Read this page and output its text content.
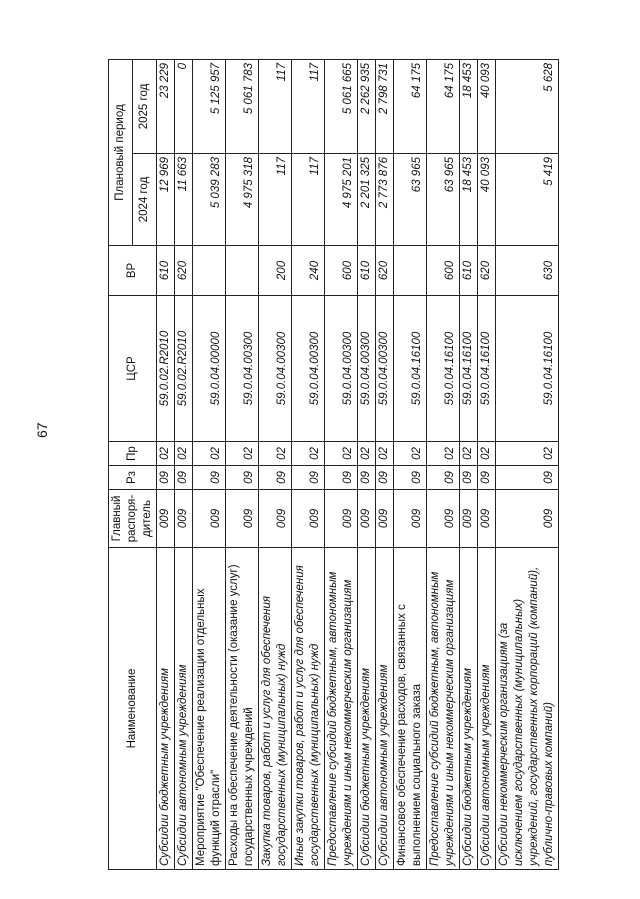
67
Наименование	Главный распоря-дитель	Рз	Пр	ЦСР	ВР	Плановый период	
						2024 год	2025 год
Субсидии бюджетным учреждениям	009	09	02	59.0.02.R2010	610	12 969	23 229
Субсидии автономным учреждениям	009	09	02	59.0.02.R2010	620	11 663	0
Мероприятие "Обеспечение реализации отдельных функций отрасли"	009	09	02	59.0.04.00000		5 039 283	5 125 957
Расходы на обеспечение деятельности (оказание услуг) государственных учреждений	009	09	02	59.0.04.00300		4 975 318	5 061 783
Закупка товаров, работ и услуг для обеспечения государственных (муниципальных) нужд	009	09	02	59.0.04.00300	200	117	117
Иные закупки товаров, работ и услуг для обеспечения государственных (муниципальных) нужд	009	09	02	59.0.04.00300	240	117	117
Предоставление субсидий бюджетным, автономным учреждениям и иным некоммерческим организациям	009	09	02	59.0.04.00300	600	4 975 201	5 061 665
Субсидии бюджетным учреждениям	009	09	02	59.0.04.00300	610	2 201 325	2 262 935
Субсидии автономным учреждениям	009	09	02	59.0.04.00300	620	2 773 876	2 798 731
Финансовое обеспечение расходов, связанных с выполнением социального заказа	009	09	02	59.0.04.16100		63 965	64 175
Предоставление субсидий бюджетным, автономным учреждениям и иным некоммерческим организациям	009	09	02	59.0.04.16100	600	63 965	64 175
Субсидии бюджетным учреждениям	009	09	02	59.0.04.16100	610	18 453	18 453
Субсидии автономным учреждениям	009	09	02	59.0.04.16100	620	40 093	40 093
Субсидии некоммерческим организациям (за исключением государственных (муниципальных) учреждений, государственных корпораций (компаний), публично-правовых компаний)	009	09	02	59.0.04.16100	630	5 419	5 628
